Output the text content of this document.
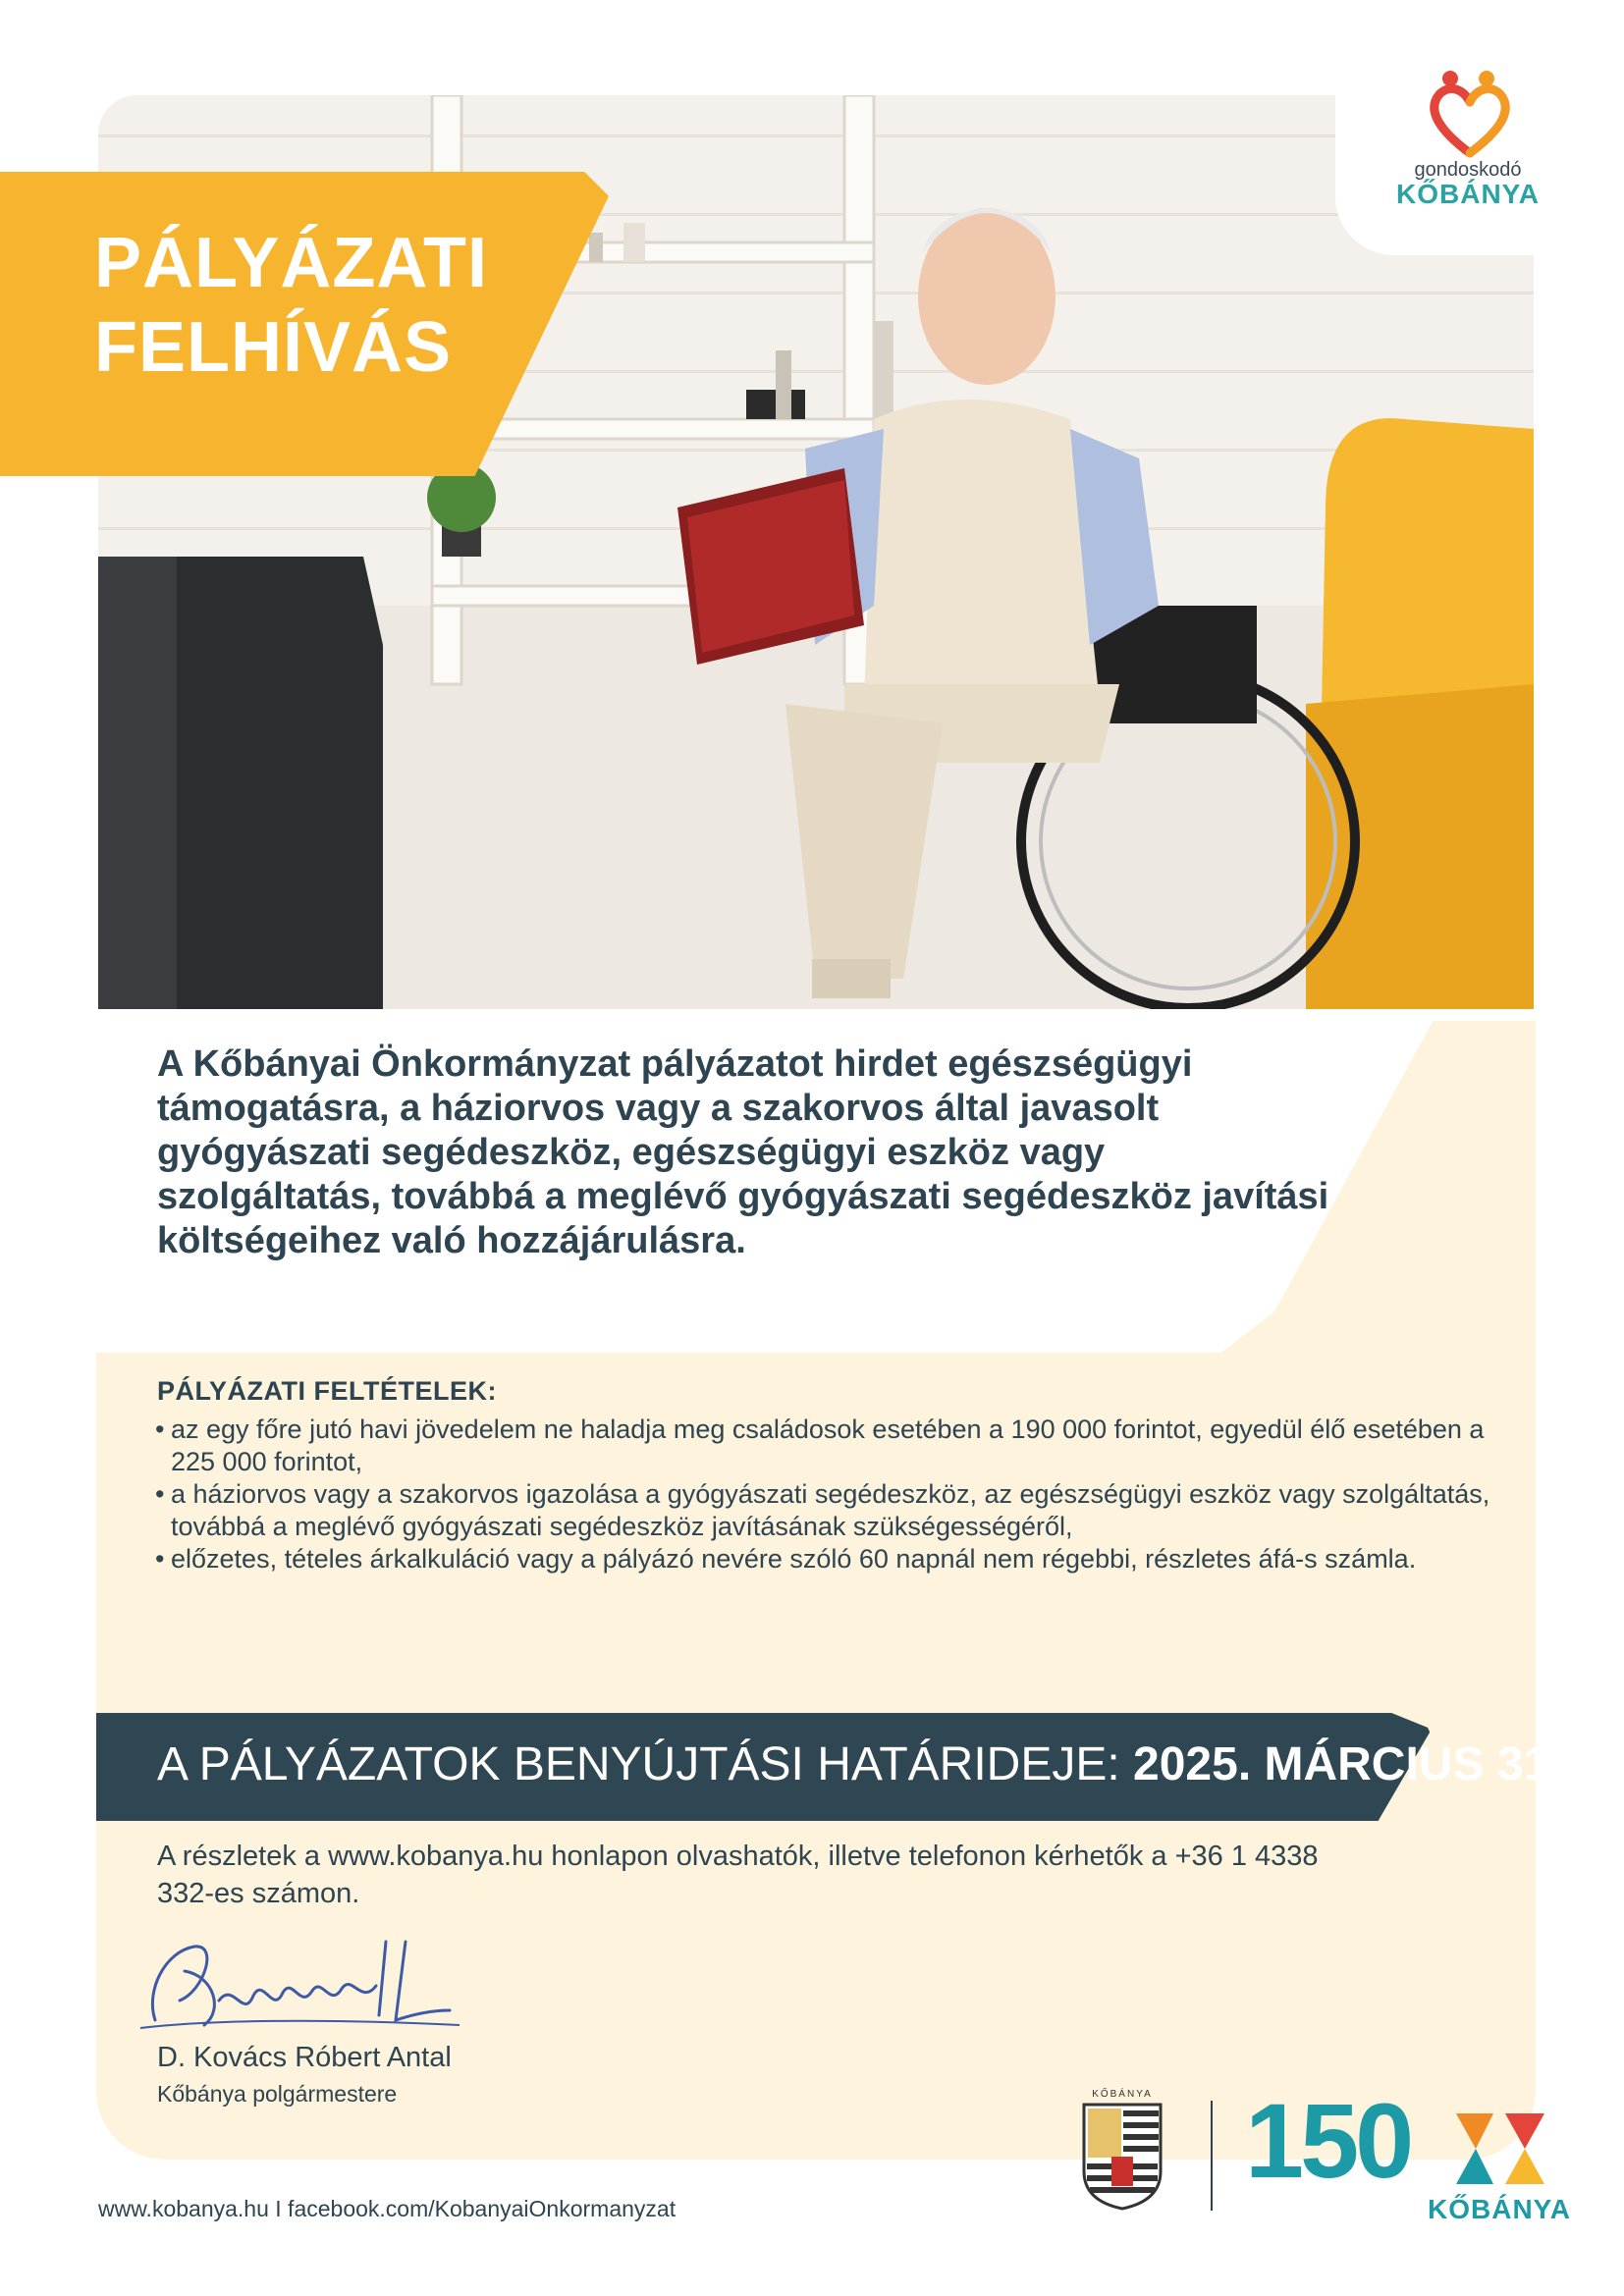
gondoskodó
KŐBÁNYA
PÁLYÁZATI
FELHÍVÁS
A Kőbányai Önkormányzat pályázatot hirdet egészségügyi támogatásra, a háziorvos vagy a szakorvos által javasolt gyógyászati segédeszköz, egészségügyi eszköz vagy szolgáltatás, továbbá a meglévő gyógyászati segédeszköz javítási költségeihez való hozzájárulásra.
PÁLYÁZATI FELTÉTELEK:
• az egy főre jutó havi jövedelem ne haladja meg családosok esetében a 190 000 forintot, egyedül élő esetében a 225 000 forintot,
• a háziorvos vagy a szakorvos igazolása a gyógyászati segédeszköz, az egészségügyi eszköz vagy szolgáltatás, továbbá a meglévő gyógyászati segédeszköz javításának szükségességéről,
• előzetes, tételes árkalkuláció vagy a pályázó nevére szóló 60 napnál nem régebbi, részletes áfá-s számla.
A PÁLYÁZATOK BENYÚJTÁSI HATÁRIDEJE: 2025. MÁRCIUS 31.
A részletek a www.kobanya.hu honlapon olvashatók, illetve telefonon kérhetők a +36 1 4338 332-es számon.
D. Kovács Róbert Antal
Kőbánya polgármestere
www.kobanya.hu I facebook.com/KobanyaiOnkormanyzat
KŐBÁNYA 150
KŐBÁNYA
